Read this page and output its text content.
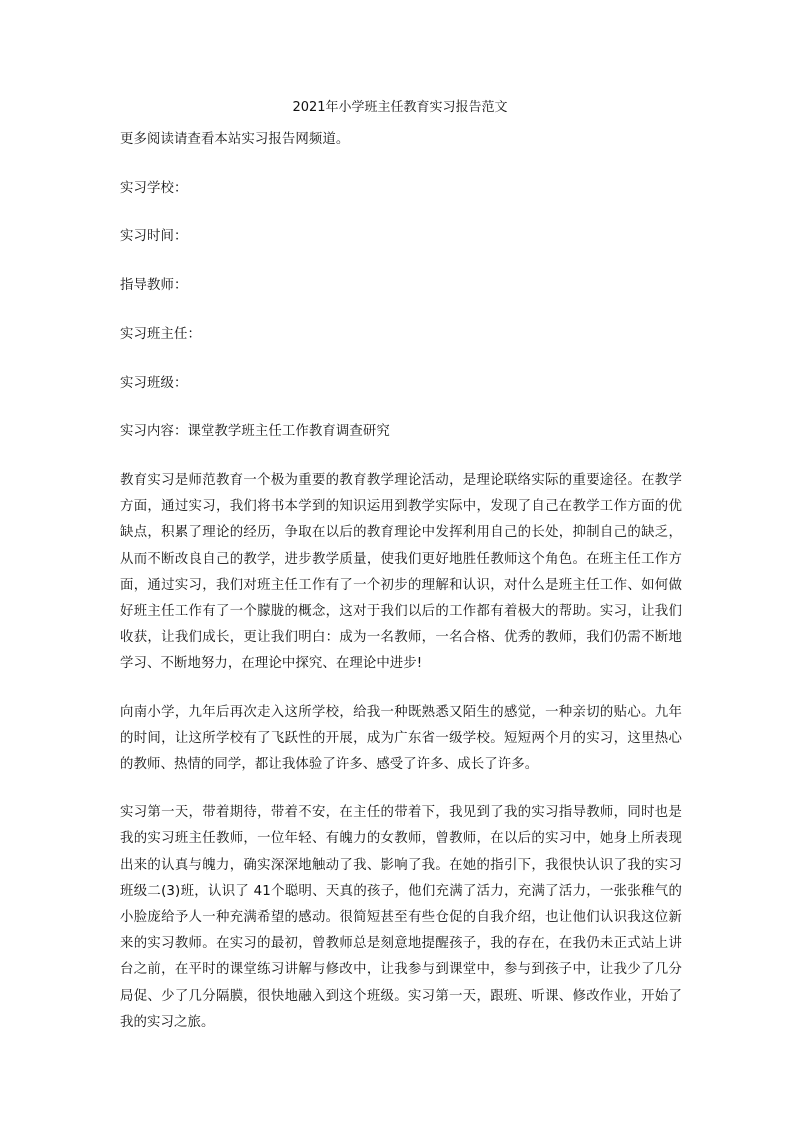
2021年小学班主任教育实习报告范文

更多阅读请查看本站实习报告网频道。

实习学校：

实习时间：

指导教师：

实习班主任：

实习班级：

实习内容：课堂教学班主任工作教育调查研究

教育实习是师范教育一个极为重要的教育教学理论活动，是理论联络实际的重要途径。在教学方面，通过实习，我们将书本学到的知识运用到教学实际中，发现了自己在教学工作方面的优缺点，积累了理论的经历，争取在以后的教育理论中发挥利用自己的长处，抑制自己的缺乏，从而不断改良自己的教学，进步教学质量，使我们更好地胜任教师这个角色。在班主任工作方面，通过实习，我们对班主任工作有了一个初步的理解和认识，对什么是班主任工作、如何做好班主任工作有了一个朦胧的概念，这对于我们以后的工作都有着极大的帮助。实习，让我们收获，让我们成长，更让我们明白：成为一名教师，一名合格、优秀的教师，我们仍需不断地学习、不断地努力，在理论中探究、在理论中进步!

向南小学，九年后再次走入这所学校，给我一种既熟悉又陌生的感觉，一种亲切的贴心。九年的时间，让这所学校有了飞跃性的开展，成为广东省一级学校。短短两个月的实习，这里热心的教师、热情的同学，都让我体验了许多、感受了许多、成长了许多。

实习第一天，带着期待，带着不安，在主任的带着下，我见到了我的实习指导教师，同时也是我的实习班主任教师，一位年轻、有魄力的女教师，曾教师，在以后的实习中，她身上所表现出来的认真与魄力，确实深深地触动了我、影响了我。在她的指引下，我很快认识了我的实习班级二(3)班，认识了 41个聪明、天真的孩子，他们充满了活力，充满了活力，一张张稚气的小脸庞给予人一种充满希望的感动。很简短甚至有些仓促的自我介绍，也让他们认识我这位新来的实习教师。在实习的最初，曾教师总是刻意地提醒孩子，我的存在，在我仍未正式站上讲台之前，在平时的课堂练习讲解与修改中，让我参与到课堂中，参与到孩子中，让我少了几分局促、少了几分隔膜，很快地融入到这个班级。实习第一天，跟班、听课、修改作业，开始了我的实习之旅。
